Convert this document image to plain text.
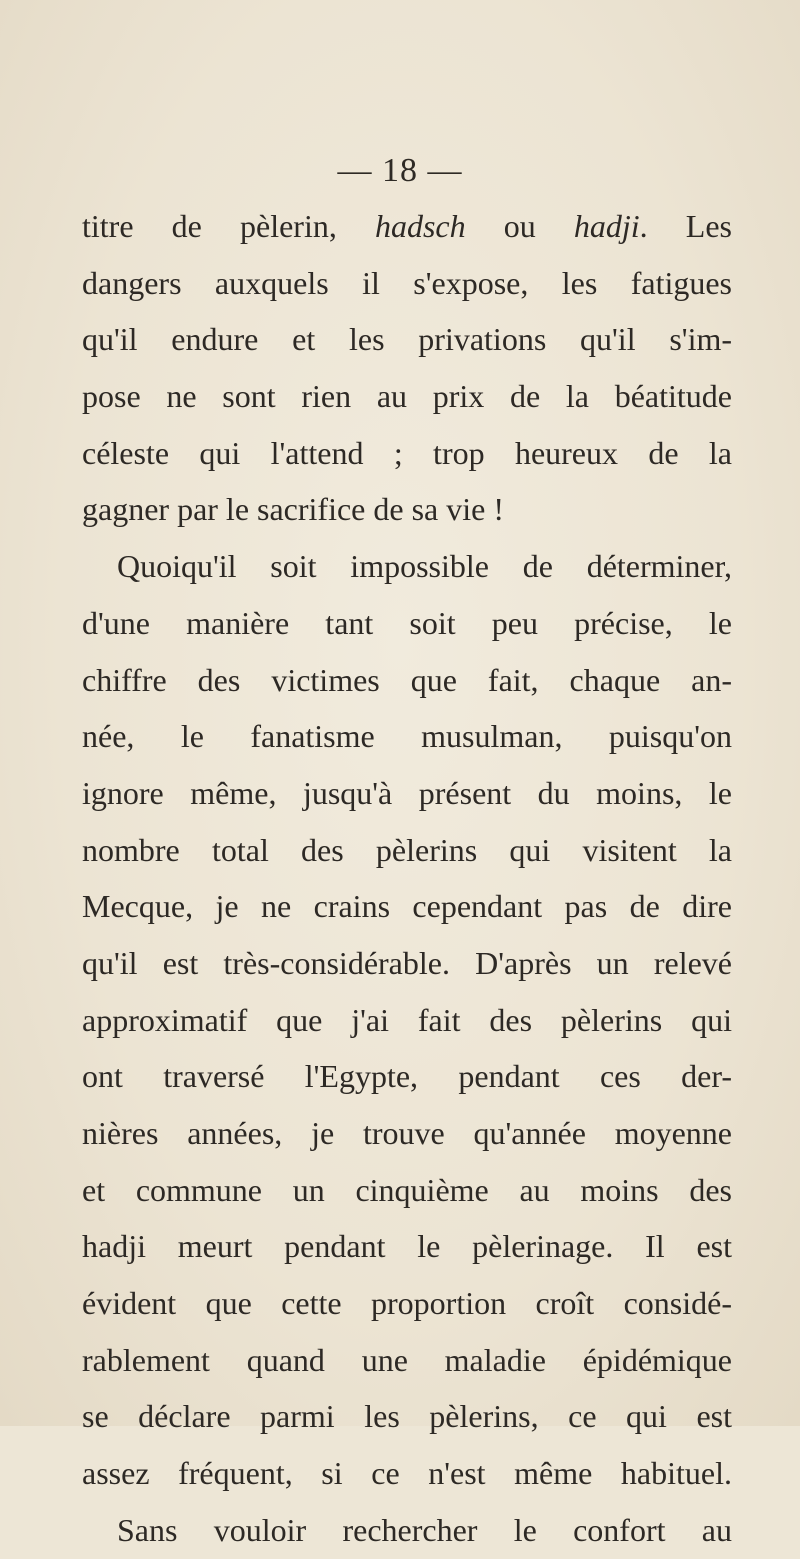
— 18 —
titre de pèlerin, hadsch ou hadji. Les
dangers auxquels il s'expose, les fatigues
qu'il endure et les privations qu'il s'im-
pose ne sont rien au prix de la béatitude
céleste qui l'attend ; trop heureux de la
gagner par le sacrifice de sa vie !
Quoiqu'il soit impossible de déterminer,
d'une manière tant soit peu précise, le
chiffre des victimes que fait, chaque an-
née, le fanatisme musulman, puisqu'on
ignore même, jusqu'à présent du moins, le
nombre total des pèlerins qui visitent la
Mecque, je ne crains cependant pas de dire
qu'il est très-considérable. D'après un relevé
approximatif que j'ai fait des pèlerins qui
ont traversé l'Egypte, pendant ces der-
nières années, je trouve qu'année moyenne
et commune un cinquième au moins des
hadji meurt pendant le pèlerinage. Il est
évident que cette proportion croît considé-
rablement quand une maladie épidémique
se déclare parmi les pèlerins, ce qui est
assez fréquent, si ce n'est même habituel.
Sans vouloir rechercher le confort au
